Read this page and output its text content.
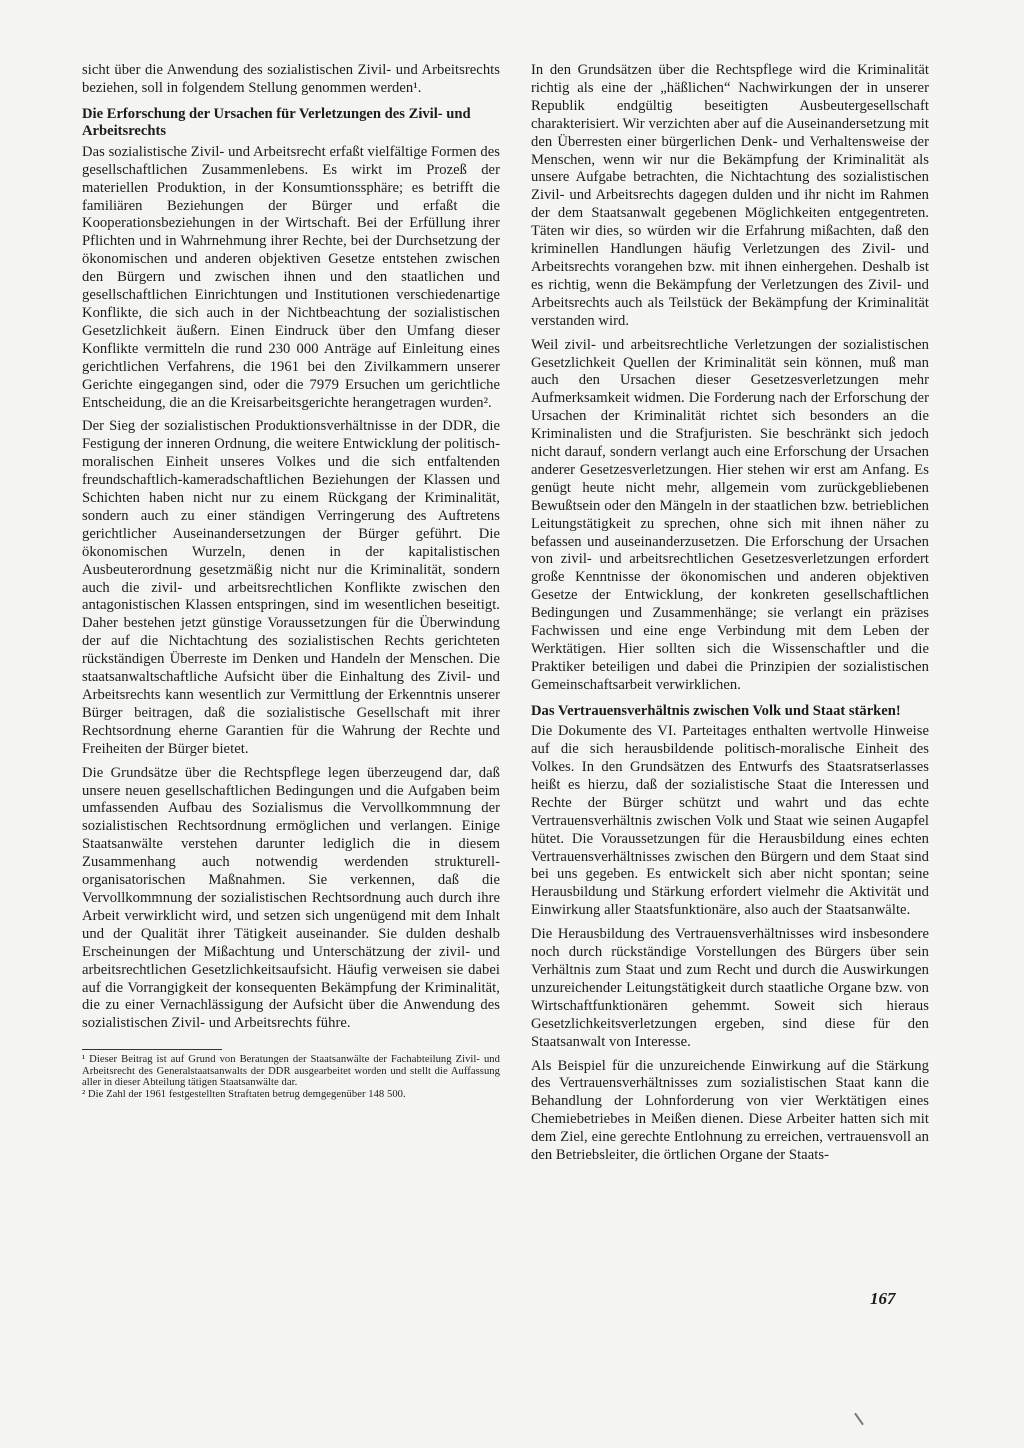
sicht über die Anwendung des sozialistischen Zivil- und Arbeitsrechts beziehen, soll in folgendem Stellung genommen werden¹.

Die Erforschung der Ursachen für Verletzungen des Zivil- und Arbeitsrechts

Das sozialistische Zivil- und Arbeitsrecht erfaßt vielfältige Formen des gesellschaftlichen Zusammenlebens. Es wirkt im Prozeß der materiellen Produktion, in der Konsumtionssphäre; es betrifft die familiären Beziehungen der Bürger und erfaßt die Kooperationsbeziehungen in der Wirtschaft. Bei der Erfüllung ihrer Pflichten und in Wahrnehmung ihrer Rechte, bei der Durchsetzung der ökonomischen und anderen objektiven Gesetze entstehen zwischen den Bürgern und zwischen ihnen und den staatlichen und gesellschaftlichen Einrichtungen und Institutionen verschiedenartige Konflikte, die sich auch in der Nichtbeachtung der sozialistischen Gesetzlichkeit äußern. Einen Eindruck über den Umfang dieser Konflikte vermitteln die rund 230 000 Anträge auf Einleitung eines gerichtlichen Verfahrens, die 1961 bei den Zivilkammern unserer Gerichte eingegangen sind, oder die 7979 Ersuchen um gerichtliche Entscheidung, die an die Kreisarbeitsgerichte herangetragen wurden².

Der Sieg der sozialistischen Produktionsverhältnisse in der DDR, die Festigung der inneren Ordnung, die weitere Entwicklung der politisch-moralischen Einheit unseres Volkes und die sich entfaltenden freundschaftlich-kameradschaftlichen Beziehungen der Klassen und Schichten haben nicht nur zu einem Rückgang der Kriminalität, sondern auch zu einer ständigen Verringerung des Auftretens gerichtlicher Auseinandersetzungen der Bürger geführt. Die ökonomischen Wurzeln, denen in der kapitalistischen Ausbeuterordnung gesetzmäßig nicht nur die Kriminalität, sondern auch die zivil- und arbeitsrechtlichen Konflikte zwischen den antagonistischen Klassen entspringen, sind im wesentlichen beseitigt. Daher bestehen jetzt günstige Voraussetzungen für die Überwindung der auf die Nichtachtung des sozialistischen Rechts gerichteten rückständigen Überreste im Denken und Handeln der Menschen. Die staatsanwaltschaftliche Aufsicht über die Einhaltung des Zivil- und Arbeitsrechts kann wesentlich zur Vermittlung der Erkenntnis unserer Bürger beitragen, daß die sozialistische Gesellschaft mit ihrer Rechtsordnung eherne Garantien für die Wahrung der Rechte und Freiheiten der Bürger bietet.

Die Grundsätze über die Rechtspflege legen überzeugend dar, daß unsere neuen gesellschaftlichen Bedingungen und die Aufgaben beim umfassenden Aufbau des Sozialismus die Vervollkommnung der sozialistischen Rechtsordnung ermöglichen und verlangen. Einige Staatsanwälte verstehen darunter lediglich die in diesem Zusammenhang auch notwendig werdenden strukturell-organisatorischen Maßnahmen. Sie verkennen, daß die Vervollkommnung der sozialistischen Rechtsordnung auch durch ihre Arbeit verwirklicht wird, und setzen sich ungenügend mit dem Inhalt und der Qualität ihrer Tätigkeit auseinander. Sie dulden deshalb Erscheinungen der Mißachtung und Unterschätzung der zivil- und arbeitsrechtlichen Gesetzlichkeitsaufsicht. Häufig verweisen sie dabei auf die Vorrangigkeit der konsequenten Bekämpfung der Kriminalität, die zu einer Vernachlässigung der Aufsicht über die Anwendung des sozialistischen Zivil- und Arbeitsrechts führe.

¹ Dieser Beitrag ist auf Grund von Beratungen der Staatsanwälte der Fachabteilung Zivil- und Arbeitsrecht des Generalstaatsanwalts der DDR ausgearbeitet worden und stellt die Auffassung aller in dieser Abteilung tätigen Staatsanwälte dar.

² Die Zahl der 1961 festgestellten Straftaten betrug demgegenüber 148 500.

In den Grundsätzen über die Rechtspflege wird die Kriminalität richtig als eine der „häßlichen“ Nachwirkungen der in unserer Republik endgültig beseitigten Ausbeutergesellschaft charakterisiert. Wir verzichten aber auf die Auseinandersetzung mit den Überresten einer bürgerlichen Denk- und Verhaltensweise der Menschen, wenn wir nur die Bekämpfung der Kriminalität als unsere Aufgabe betrachten, die Nichtachtung des sozialistischen Zivil- und Arbeitsrechts dagegen dulden und ihr nicht im Rahmen der dem Staatsanwalt gegebenen Möglichkeiten entgegentreten. Täten wir dies, so würden wir die Erfahrung mißachten, daß den kriminellen Handlungen häufig Verletzungen des Zivil- und Arbeitsrechts vorangehen bzw. mit ihnen einhergehen. Deshalb ist es richtig, wenn die Bekämpfung der Verletzungen des Zivil- und Arbeitsrechts auch als Teilstück der Bekämpfung der Kriminalität verstanden wird.

Weil zivil- und arbeitsrechtliche Verletzungen der sozialistischen Gesetzlichkeit Quellen der Kriminalität sein können, muß man auch den Ursachen dieser Gesetzesverletzungen mehr Aufmerksamkeit widmen. Die Forderung nach der Erforschung der Ursachen der Kriminalität richtet sich besonders an die Kriminalisten und die Strafjuristen. Sie beschränkt sich jedoch nicht darauf, sondern verlangt auch eine Erforschung der Ursachen anderer Gesetzesverletzungen. Hier stehen wir erst am Anfang. Es genügt heute nicht mehr, allgemein vom zurückgebliebenen Bewußtsein oder den Mängeln in der staatlichen bzw. betrieblichen Leitungstätigkeit zu sprechen, ohne sich mit ihnen näher zu befassen und auseinanderzusetzen. Die Erforschung der Ursachen von zivil- und arbeitsrechtlichen Gesetzesverletzungen erfordert große Kenntnisse der ökonomischen und anderen objektiven Gesetze der Entwicklung, der konkreten gesellschaftlichen Bedingungen und Zusammenhänge; sie verlangt ein präzises Fachwissen und eine enge Verbindung mit dem Leben der Werktätigen. Hier sollten sich die Wissenschaftler und die Praktiker beteiligen und dabei die Prinzipien der sozialistischen Gemeinschaftsarbeit verwirklichen.

Das Vertrauensverhältnis zwischen Volk und Staat stärken!

Die Dokumente des VI. Parteitages enthalten wertvolle Hinweise auf die sich herausbildende politisch-moralische Einheit des Volkes. In den Grundsätzen des Entwurfs des Staatsratserlasses heißt es hierzu, daß der sozialistische Staat die Interessen und Rechte der Bürger schützt und wahrt und das echte Vertrauensverhältnis zwischen Volk und Staat wie seinen Augapfel hütet. Die Voraussetzungen für die Herausbildung eines echten Vertrauensverhältnisses zwischen den Bürgern und dem Staat sind bei uns gegeben. Es entwickelt sich aber nicht spontan; seine Herausbildung und Stärkung erfordert vielmehr die Aktivität und Einwirkung aller Staatsfunktionäre, also auch der Staatsanwälte.

Die Herausbildung des Vertrauensverhältnisses wird insbesondere noch durch rückständige Vorstellungen des Bürgers über sein Verhältnis zum Staat und zum Recht und durch die Auswirkungen unzureichender Leitungstätigkeit durch staatliche Organe bzw. von Wirtschaftfunktionären gehemmt. Soweit sich hieraus Gesetzlichkeitsverletzungen ergeben, sind diese für den Staatsanwalt von Interesse.

Als Beispiel für die unzureichende Einwirkung auf die Stärkung des Vertrauensverhältnisses zum sozialistischen Staat kann die Behandlung der Lohnforderung von vier Werktätigen eines Chemiebetriebes in Meißen dienen. Diese Arbeiter hatten sich mit dem Ziel, eine gerechte Entlohnung zu erreichen, vertrauensvoll an den Betriebsleiter, die örtlichen Organe der Staats-

167
